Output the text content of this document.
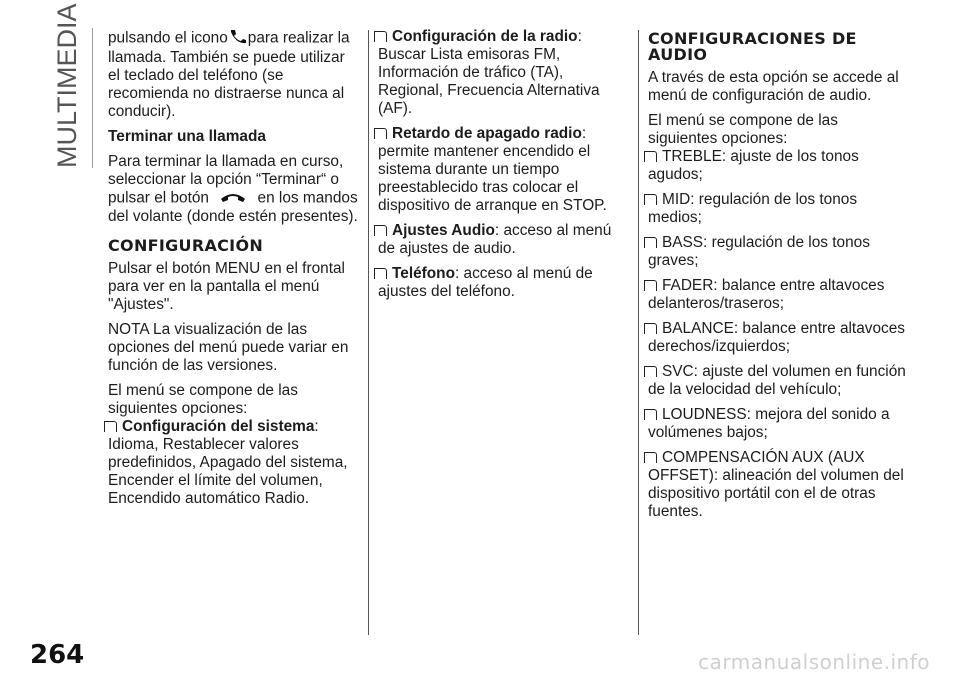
MULTIMEDIA	pulsando el icono para realizar la llamada. También se puede utilizar el teclado del teléfono (se recomienda no distraerse nunca al conducir).

Terminar una llamada

Para terminar la llamada en curso, seleccionar la opción “Terminar“ o pulsar el botón	en los mandos del volante (donde estén presentes).

CONFIGURACIÓN

Pulsar el botón MENU en el frontal para ver en la pantalla el menú "Ajustes".

NOTA La visualización de las opciones del menú puede variar en función de las versiones.

El menú se compone de las siguientes opciones:

Configuración del sistema: Idioma, Restablecer valores predefinidos, Apagado del sistema, Encender el límite del volumen, Encendido automático Radio.

Configuración de la radio: Buscar Lista emisoras FM, Información de tráfico (TA), Regional, Frecuencia Alternativa (AF).

Retardo de apagado radio: permite mantener encendido el sistema durante un tiempo preestablecido tras colocar el dispositivo de arranque en STOP.

Ajustes Audio: acceso al menú de ajustes de audio.

Teléfono: acceso al menú de ajustes del teléfono.

CONFIGURACIONES DE AUDIO

A través de esta opción se accede al menú de configuración de audio.

El menú se compone de las siguientes opciones:

TREBLE: ajuste de los tonos agudos;

MID: regulación de los tonos medios;

BASS: regulación de los tonos graves;

FADER: balance entre altavoces delanteros/traseros;

BALANCE: balance entre altavoces derechos/izquierdos;

SVC: ajuste del volumen en función de la velocidad del vehículo;

LOUDNESS: mejora del sonido a volúmenes bajos;

COMPENSACIÓN AUX (AUX OFFSET): alineación del volumen del dispositivo portátil con el de otras fuentes.

264	carmanualsonline.info
